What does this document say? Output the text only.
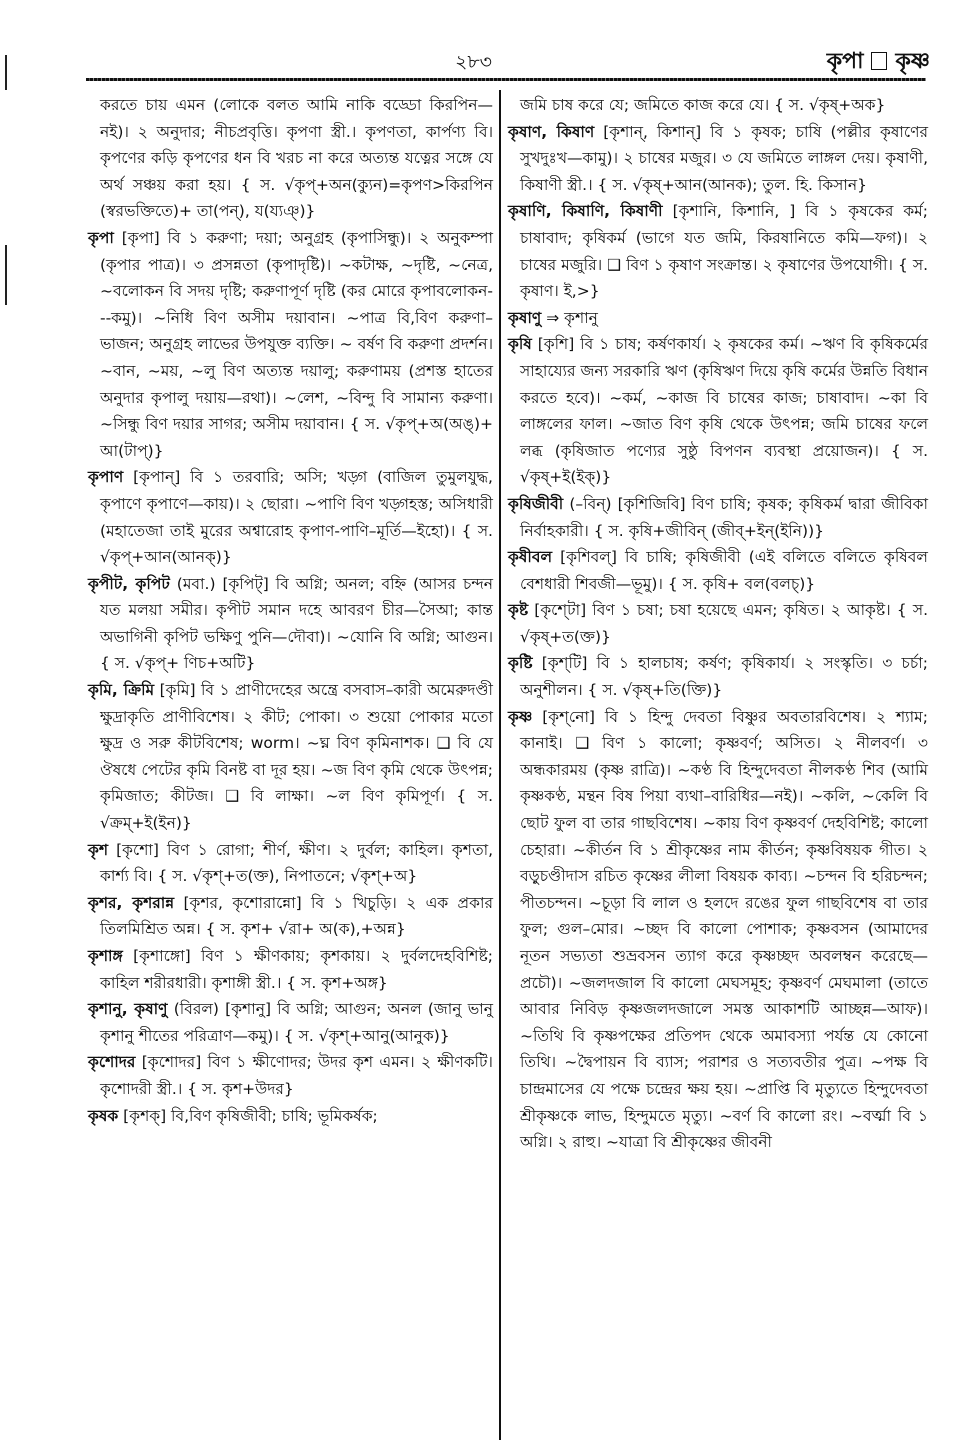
২৮৩	কৃপা কৃষ্ণ

করতে চায় এমন (লোকে বলত আমি নাকি বড্ডো কিরপিন—নই)। ২ অনুদার; নীচপ্রবৃত্তি। কৃপণা স্ত্রী.। কৃপণতা, কার্পণ্য বি। কৃপণের কড়ি কৃপণের ধন বি খরচ না করে অত্যন্ত যত্নের সঙ্গে যে অর্থ সঞ্চয় করা হয়। { স. √কৃপ্+অন(ক্যুন)=কৃপণ>কিরপিন (স্বরভক্তিতে)+ তা(পন্), য(য্যঞ্)}

কৃপা [কৃপা] বি ১ করুণা; দয়া; অনুগ্রহ (কৃপাসিন্ধু)। ২ অনুকম্পা (কৃপার পাত্র)। ৩ প্রসন্নতা (কৃপাদৃষ্টি)। ~কটাক্ষ, ~দৃষ্টি, ~নেত্র, ~বলোকন বি সদয় দৃষ্টি; করুণাপূর্ণ দৃষ্টি (কর মোরে কৃপাবলোকন---কমু)। ~নিধি বিণ অসীম দয়াবান। ~পাত্র বি,বিণ করুণা–ভাজন; অনুগ্রহ লাভের উপযুক্ত ব্যক্তি। ~ বর্ষণ বি করুণা প্রদর্শন। ~বান, ~ময়, ~লু বিণ অত্যন্ত দয়ালু; করুণাময় (প্রশস্ত হাতের অনুদার কৃপালু দয়ায়—রথা)। ~লেশ, ~বিন্দু বি সামান্য করুণা। ~সিন্ধু বিণ দয়ার সাগর; অসীম দয়াবান। { স. √কৃপ্+অ(অঙ্)+ আ(টাপ্)}

কৃপাণ [কৃপান্] বি ১ তরবারি; অসি; খড়্গ (বাজিল তুমুলযুদ্ধ, কৃপাণে কৃপাণে—কায়)। ২ ছোরা। ~পাণি বিণ খড়্গহস্ত; অসিধারী (মহাতেজা তাই মুরের অশ্বারোহ কৃপাণ-পাণি–মূর্তি—ইহো)। { স. √কৃপ্+আন(আনক্)}

কৃপীট, কৃপিট (মবা.) [কৃপিট্] বি অগ্নি; অনল; বহ্নি (আসর চন্দন যত মলয়া সমীর। কৃপীট সমান দহে আবরণ চীর—সৈআ; কান্ত অভাগিনী কৃপিট ভক্ষিণু পুনি—দৌবা)। ~যোনি বি অগ্নি; আগুন। { স. √কৃপ্+ ণিচ+অটি}

কৃমি, ক্রিমি [কৃমি] বি ১ প্রাণীদেহের অন্ত্রে বসবাস–কারী অমেরুদণ্ডী ক্ষুদ্রাকৃতি প্রাণীবিশেষ। ২ কীট; পোকা। ৩ শুয়ো পোকার মতো ক্ষুদ্র ও সরু কীটবিশেষ; worm। ~ঘ্ন বিণ কৃমিনাশক। ❑ বি যে ঔষধে পেটের কৃমি বিনষ্ট বা দূর হয়। ~জ বিণ কৃমি থেকে উৎপন্ন; কৃমিজাত; কীটজ। ❑ বি লাক্ষা। ~ল বিণ কৃমিপূর্ণ। { স. √ক্রম্+ই(ইন)}

কৃশ [কৃশো] বিণ ১ রোগা; শীর্ণ, ক্ষীণ। ২ দুর্বল; কাহিল। কৃশতা, কার্শ্য বি। { স. √কৃশ্+ত(ক্ত), নিপাতনে; √কৃশ্+অ}

কৃশর, কৃশরান্ন [কৃশর, কৃশোরান্নো] বি ১ খিচুড়ি। ২ এক প্রকার তিলমিশ্রিত অন্ন। { স. কৃশ+ √রা+ অ(ক),+অন্ন}

কৃশাঙ্গ [কৃশাঙ্গো] বিণ ১ ক্ষীণকায়; কৃশকায়। ২ দুর্বলদেহবিশিষ্ট; কাহিল শরীরধারী। কৃশাঙ্গী স্ত্রী.। { স. কৃশ+অঙ্গ}

কৃশানু, কৃষাণু (বিরল) [কৃশানু] বি অগ্নি; আগুন; অনল (জানু ভানু কৃশানু শীতের পরিত্রাণ—কমু)। { স. √কৃশ্+আনু(আনুক)}

কৃশোদর [কৃশোদর] বিণ ১ ক্ষীণোদর; উদর কৃশ এমন। ২ ক্ষীণকটি। কৃশোদরী স্ত্রী.। { স. কৃশ+উদর}

কৃষক [কৃশক্] বি,বিণ কৃষিজীবী; চাষি; ভূমিকর্ষক;

জমি চাষ করে যে; জমিতে কাজ করে যে। { স. √কৃষ্+অক}

কৃষাণ, কিষাণ [কৃশান্, কিশান্] বি ১ কৃষক; চাষি (পল্লীর কৃষাণের সুখদুঃখ—কামু)। ২ চাষের মজুর। ৩ যে জমিতে লাঙ্গল দেয়। কৃষাণী, কিষাণী স্ত্রী.। { স. √কৃষ্+আন(আনক); তুল. হি. কিসান}

কৃষাণি, কিষাণি, কিষাণী [কৃশানি, কিশানি, ] বি ১ কৃষকের কর্ম; চাষাবাদ; কৃষিকর্ম (ভাগে যত জমি, কিরষানিতে কমি—ফগ)। ২ চাষের মজুরি। ❑ বিণ ১ কৃষাণ সংক্রান্ত। ২ কৃষাণের উপযোগী। { স. কৃষাণ। ই,>}

কৃষাণু ⇒ কৃশানু

কৃষি [কৃশি] বি ১ চাষ; কর্ষণকার্য। ২ কৃষকের কর্ম। ~ঋণ বি কৃষিকর্মের সাহায্যের জন্য সরকারি ঋণ (কৃষিঋণ দিয়ে কৃষি কর্মের উন্নতি বিধান করতে হবে)। ~কর্ম, ~কাজ বি চাষের কাজ; চাষাবাদ। ~কা বি লাঙ্গলের ফাল। ~জাত বিণ কৃষি থেকে উৎপন্ন; জমি চাষের ফলে লব্ধ (কৃষিজাত পণ্যের সুষ্ঠু বিপণন ব্যবস্থা প্রয়োজন)। { স. √কৃষ্+ই(ইক্)}

কৃষিজীবী (–বিন্) [কৃশিজিবি] বিণ চাষি; কৃষক; কৃষিকর্ম দ্বারা জীবিকা নির্বাহকারী। { স. কৃষি+জীবিন্ (জীব্+ইন্(ইনি))}

কৃষীবল [কৃশিবল্] বি চাষি; কৃষিজীবী (এই বলিতে বলিতে কৃষিবল বেশধারী শিবজী—ভূমু)। { স. কৃষি+ বল(বলচ্)}

কৃষ্ট [কৃশ্টো] বিণ ১ চষা; চষা হয়েছে এমন; কৃষিত। ২ আকৃষ্ট। { স. √কৃষ্+ত(ক্ত)}

কৃষ্টি [কৃশ্‌টি] বি ১ হালচাষ; কর্ষণ; কৃষিকার্য। ২ সংস্কৃতি। ৩ চর্চা; অনুশীলন। { স. √কৃষ্+তি(ক্তি)}

কৃষ্ণ [কৃশ্‌নো] বি ১ হিন্দু দেবতা বিষ্ণুর অবতারবিশেষ। ২ শ্যাম; কানাই। ❑ বিণ ১ কালো; কৃষ্ণবর্ণ; অসিত। ২ নীলবর্ণ। ৩ অন্ধকারময় (কৃষ্ণ রাত্রি)। ~কণ্ঠ বি হিন্দুদেবতা নীলকণ্ঠ শিব (আমি কৃষ্ণকণ্ঠ, মন্থন বিষ পিয়া ব্যথা–বারিধির—নই)। ~কলি, ~কেলি বি ছোট ফুল বা তার গাছবিশেষ। ~কায় বিণ কৃষ্ণবর্ণ দেহবিশিষ্ট; কালো চেহারা। ~কীর্তন বি ১ শ্রীকৃষ্ণের নাম কীর্তন; কৃষ্ণবিষয়ক গীত। ২ বড়ুচণ্ডীদাস রচিত কৃষ্ণের লীলা বিষয়ক কাব্য। ~চন্দন বি হরিচন্দন; পীতচন্দন। ~চূড়া বি লাল ও হলদে রঙের ফুল গাছবিশেষ বা তার ফুল; গুল–মোর। ~চ্ছদ বি কালো পোশাক; কৃষ্ণবসন (আমাদের নূতন সভ্যতা শুভ্রবসন ত্যাগ করে কৃষ্ণচ্ছদ অবলম্বন করেছে—প্রচৌ)। ~জলদজাল বি কালো মেঘসমূহ; কৃষ্ণবর্ণ মেঘমালা (তাতে আবার নিবিড় কৃষ্ণজলদজালে সমস্ত আকাশটি আচ্ছন্ন—আফ)। ~তিথি বি কৃষ্ণপক্ষের প্রতিপদ থেকে অমাবস্যা পর্যন্ত যে কোনো তিথি। ~দ্বৈপায়ন বি ব্যাস; পরাশর ও সত্যবতীর পুত্র। ~পক্ষ বি চান্দ্রমাসের যে পক্ষে চন্দ্রের ক্ষয় হয়। ~প্রাপ্তি বি মৃত্যুতে হিন্দুদেবতা শ্রীকৃষ্ণকে লাভ, হিন্দুমতে মৃত্যু। ~বর্ণ বি কালো রং। ~বর্ত্মা বি ১ অগ্নি। ২ রাহু। ~যাত্রা বি শ্রীকৃষ্ণের জীবনী
